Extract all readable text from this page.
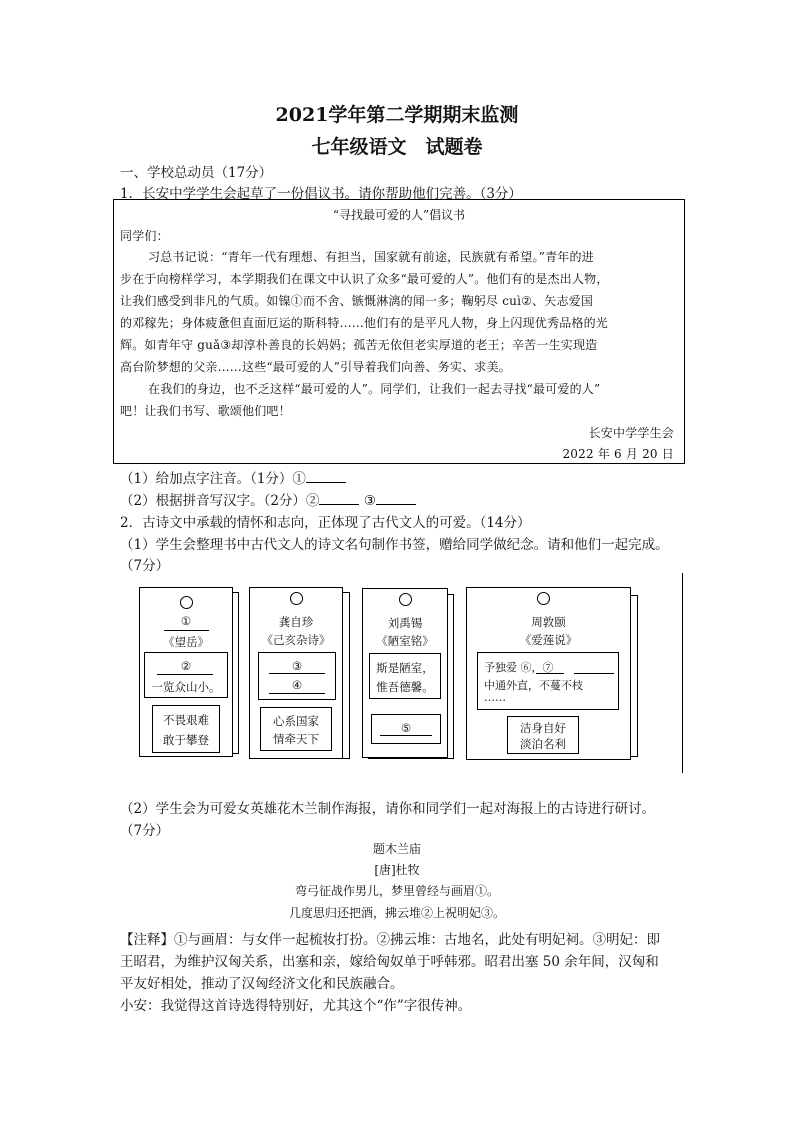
2021学年第二学期期末监测
七年级语文　试题卷
一、学校总动员（17分）
1．长安中学学生会起草了一份倡议书。请你帮助他们完善。（3分）
“寻找最可爱的人”倡议书
同学们：
习总书记说：“青年一代有理想、有担当，国家就有前途，民族就有希望。”青年的进
步在于向榜样学习，本学期我们在课文中认识了众多“最可爱的人”。他们有的是杰出人物，
让我们感受到非凡的气质。如镍①而不舍、镞慨淋漓的闻一多；鞠躬尽 cuì②、矢志爱国
的邓稼先；身体疲惫但直面厄运的斯科特……他们有的是平凡人物，身上闪现优秀品格的光
辉。如青年守 guǎ③却淳朴善良的长妈妈；孤苦无依但老实厚道的老王；辛苦一生实现造
高台阶梦想的父亲……这些“最可爱的人”引导着我们向善、务实、求美。
在我们的身边，也不乏这样“最可爱的人”。同学们，让我们一起去寻找“最可爱的人”
吧！让我们书写、歌颂他们吧！
长安中学学生会
2022 年 6 月 20 日
（1）给加点字注音。（1分）①
（2）根据拼音写汉字。（2分）②	③
2．古诗文中承载的情怀和志向，正体现了古代文人的可爱。（14分）
（1）学生会整理书中古代文人的诗文名句制作书签，赠给同学做纪念。请和他们一起完成。
（7分）
①
《望岳》
②
一览众山小。
不畏艰难
敢于攀登
龚自珍
《己亥杂诗》
③
④
心系国家
情牵天下
刘禹锡
《陋室铭》
斯是陋室，
惟吾德馨。
⑤
周敦颐
《爱莲说》
予独爱 ⑥，⑦
中通外直，不蔓不枝
……
洁身自好
淡泊名利
（2）学生会为可爱女英雄花木兰制作海报，请你和同学们一起对海报上的古诗进行研讨。
（7分）
题木兰庙
[唐]杜牧
弯弓征战作男儿，梦里曾经与画眉①。
几度思归还把酒，拂云堆②上祝明妃③。
【注释】①与画眉：与女伴一起梳妆打扮。②拂云堆：古地名，此处有明妃祠。③明妃：即
王昭君，为维护汉匈关系，出塞和亲，嫁给匈奴单于呼韩邪。昭君出塞 50 余年间，汉匈和
平友好相处，推动了汉匈经济文化和民族融合。
小安：我觉得这首诗选得特别好，尤其这个“作”字很传神。
